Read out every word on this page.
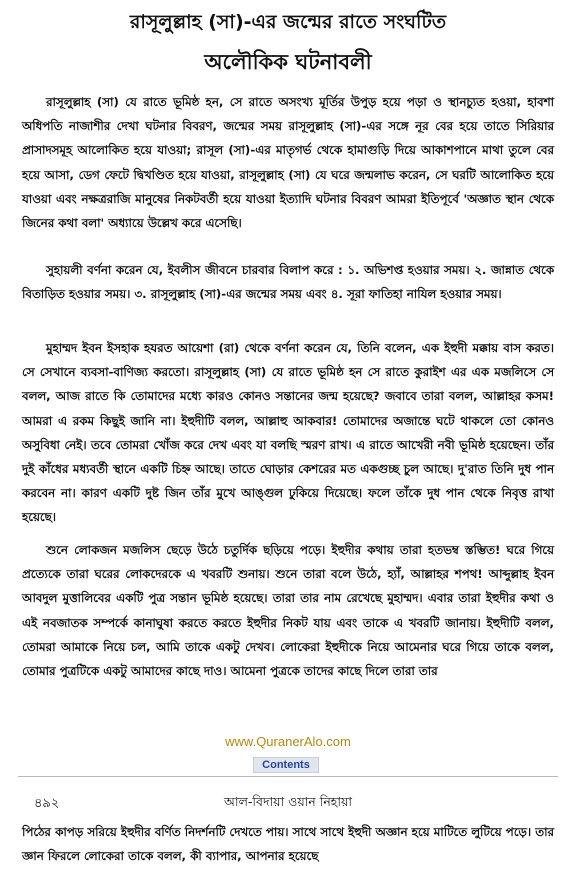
রাসূলুল্লাহ (সা)-এর জন্মের রাতে সংঘটিত
অলৌকিক ঘটনাবলী

রাসূলুল্লাহ (সা) যে রাতে ভূমিষ্ঠ হন, সে রাতে অসংখ্য মূর্তির উপুড় হয়ে পড়া ও স্থানচ্যুত হওয়া, হাবশা অধিপতি নাজাশীর দেখা ঘটনার বিবরণ, জন্মের সময় রাসূলুল্লাহ (সা)-এর সঙ্গে নূর বের হয়ে তাতে সিরিয়ার প্রাসাদসমূহ আলোকিত হয়ে যাওয়া; রাসূল (সা)-এর মাতৃগর্ভ থেকে হামাগুড়ি দিয়ে আকাশপানে মাথা তুলে বের হয়ে আসা, ডেগ ফেটে দ্বিখণ্ডিত হয়ে যাওয়া, রাসূলুল্লাহ (সা) যে ঘরে জন্মলাভ করেন, সে ঘরটি আলোকিত হয়ে যাওয়া এবং নক্ষত্ররাজি মানুষের নিকটবর্তী হয়ে যাওয়া ইত্যাদি ঘটনার বিবরণ আমরা ইতিপূর্বে 'অজ্ঞাত স্থান থেকে জিনের কথা বলা' অধ্যায়ে উল্লেখ করে এসেছি।

সুহায়লী বর্ণনা করেন যে, ইবলীস জীবনে চারবার বিলাপ করে : ১. অভিশপ্ত হওয়ার সময়। ২. জান্নাত থেকে বিতাড়িত হওয়ার সময়। ৩. রাসূলুল্লাহ (সা)-এর জন্মের সময় এবং ৪. সূরা ফাতিহা নাযিল হওয়ার সময়।

মুহাম্মদ ইবন ইসহাক হযরত আয়েশা (রা) থেকে বর্ণনা করেন যে, তিনি বলেন, এক ইহুদী মক্কায় বাস করত। সে সেখানে ব্যবসা-বাণিজ্য করতো। রাসূলুল্লাহ (সা) যে রাতে ভূমিষ্ঠ হন সে রাতে কুরাইশ এর এক মজলিসে সে বলল, আজ রাতে কি তোমাদের মধ্যে কারও কোনও সন্তানের জন্ম হয়েছে? জবাবে তারা বলল, আল্লাহর কসম! আমরা এ রকম কিছুই জানি না। ইহুদীটি বলল, আল্লাহু আকবার! তোমাদের অজান্তে ঘটে থাকলে তো কোনও অসুবিধা নেই। তবে তোমরা খোঁজ করে দেখ এবং যা বলছি স্মরণ রাখ। এ রাতে আখেরী নবী ভূমিষ্ঠ হয়েছেন। তাঁর দুই কাঁধের মধ্যবর্তী স্থানে একটি চিহ্ন আছে। তাতে ঘোড়ার কেশরের মত একগুচ্ছ চুল আছে। দু'রাত তিনি দুধ পান করবেন না। কারণ একটি দুষ্ট জিন তাঁর মুখে আঙ্গুল ঢুকিয়ে দিয়েছে। ফলে তাঁকে দুধ পান থেকে নিবৃত্ত রাখা হয়েছে।

শুনে লোকজন মজলিস ছেড়ে উঠে চতুর্দিক ছড়িয়ে পড়ে। ইহুদীর কথায় তারা হতভম্ব স্তম্ভিত! ঘরে গিয়ে প্রত্যেকে তারা ঘরের লোকদেরকে এ খবরটি শুনায়। শুনে তারা বলে উঠে, হ্যাঁ, আল্লাহর শপথ! আব্দুল্লাহ ইবন আবদুল মুত্তালিবের একটি পুত্র সন্তান ভূমিষ্ঠ হয়েছে। তারা তার নাম রেখেছে মুহাম্মদ। এবার তারা ইহুদীর কথা ও এই নবজাতক সম্পর্কে কানাঘুষা করতে করতে ইহুদীর নিকট যায় এবং তাকে এ খবরটি জানায়। ইহুদীটি বলল, তোমরা আমাকে নিয়ে চল, আমি তাকে একটু দেখব। লোকেরা ইহুদীকে নিয়ে আমেনার ঘরে গিয়ে তাকে বলল, তোমার পুত্রটিকে একটু আমাদের কাছে দাও। আমেনা পুত্রকে তাদের কাছে দিলে তারা তার

www.QuranerAlo.com
Contents
৪৯২	আল-বিদায়া ওয়ান নিহায়া

পিঠের কাপড় সরিয়ে ইহুদীর বর্ণিত নিদর্শনটি দেখতে পায়। সাথে সাথে ইহুদী অজ্ঞান হয়ে মাটিতে লুটিয়ে পড়ে। তার জ্ঞান ফিরলে লোকেরা তাকে বলল, কী ব্যাপার, আপনার হয়েছে
